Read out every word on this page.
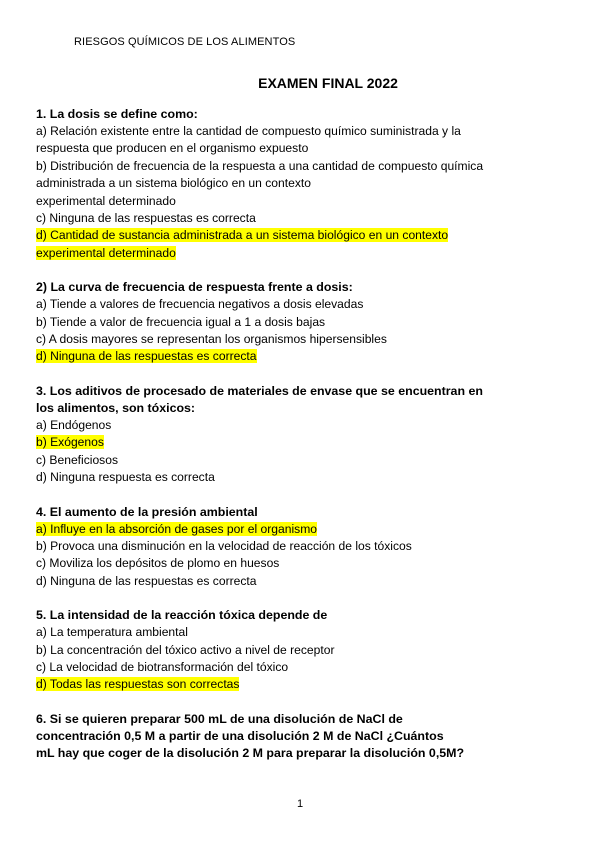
RIESGOS QUÍMICOS DE LOS ALIMENTOS
EXAMEN FINAL 2022
1. La dosis se define como:
a) Relación existente entre la cantidad de compuesto químico suministrada y la
respuesta que producen en el organismo expuesto
b) Distribución de frecuencia de la respuesta a una cantidad de compuesto química
administrada a un sistema biológico en un contexto
experimental determinado
c) Ninguna de las respuestas es correcta
d) Cantidad de sustancia administrada a un sistema biológico en un contexto
experimental determinado
2) La curva de frecuencia de respuesta frente a dosis:
a) Tiende a valores de frecuencia negativos a dosis elevadas
b) Tiende a valor de frecuencia igual a 1 a dosis bajas
c) A dosis mayores se representan los organismos hipersensibles
d) Ninguna de las respuestas es correcta
3. Los aditivos de procesado de materiales de envase que se encuentran en
los alimentos, son tóxicos:
a) Endógenos
b) Exógenos
c) Beneficiosos
d) Ninguna respuesta es correcta
4. El aumento de la presión ambiental
a) Influye en la absorción de gases por el organismo
b) Provoca una disminución en la velocidad de reacción de los tóxicos
c) Moviliza los depósitos de plomo en huesos
d) Ninguna de las respuestas es correcta
5. La intensidad de la reacción tóxica depende de
a) La temperatura ambiental
b) La concentración del tóxico activo a nivel de receptor
c) La velocidad de biotransformación del tóxico
d) Todas las respuestas son correctas
6. Si se quieren preparar 500 mL de una disolución de NaCl de
concentración 0,5 M a partir de una disolución 2 M de NaCl ¿Cuántos
mL hay que coger de la disolución 2 M para preparar la disolución 0,5M?
1
